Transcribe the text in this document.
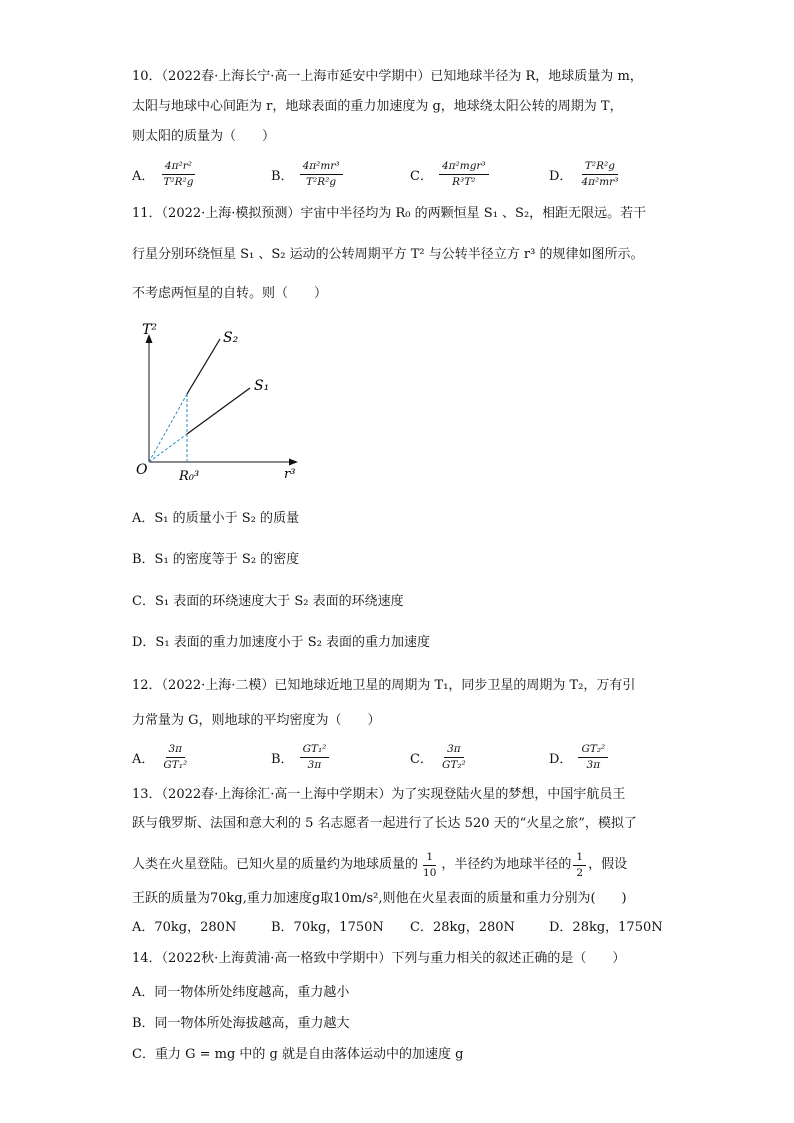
10．（2022春·上海长宁·高一上海市延安中学期中）已知地球半径为 R，地球质量为 m，
太阳与地球中心间距为 r，地球表面的重力加速度为 g，地球绕太阳公转的周期为 T，
则太阳的质量为（　　）
A． $\frac{\text{4π²r²}}{\text{T²R²g}}$	B． $\frac{\text{4π²mr³}}{\text{T²R²g}}$	C． $\frac{\text{4π²mgr³}}{\text{R³T²}}$	D． $\frac{\text{T²R²g}}{\text{4π²mr³}}$
11．（2022·上海·模拟预测）宇宙中半径均为 R₀ 的两颗恒星 S₁ 、S₂，相距无限远。若干
行星分别环绕恒星 S₁ 、S₂ 运动的公转周期平方 T² 与公转半径立方 r³ 的规律如图所示。
不考虑两恒星的自转。则（　　）
T²
r³
O R₀³
S₂
S₁
A．S₁ 的质量小于 S₂ 的质量
B．S₁ 的密度等于 S₂ 的密度
C．S₁ 表面的环绕速度大于 S₂ 表面的环绕速度
D．S₁ 表面的重力加速度小于 S₂ 表面的重力加速度
12．（2022·上海·二模）已知地球近地卫星的周期为 T₁，同步卫星的周期为 T₂，万有引
力常量为 G，则地球的平均密度为（　　）
A． $\frac{3\pi}{\text{GT₁²}}$	B． $\frac{\text{GT₁²}}{3\pi}$	C． $\frac{3\pi}{\text{GT₂²}}$	D． $\frac{\text{GT₂²}}{3\pi}$
13．（2022春·上海徐汇·高一上海中学期末）为了实现登陆火星的梦想，中国宇航员王
跃与俄罗斯、法国和意大利的 5 名志愿者一起进行了长达 520 天的“火星之旅”，模拟了
人类在火星登陆。已知火星的质量约为地球质量的 $\frac{1}{10}$ ，半径约为地球半径的 $\frac{1}{2}$ ，假设
王跃的质量为70kg,重力加速度g取10m/s²,则他在火星表面的质量和重力分别为(　　)
A．70kg，280N	B．70kg，1750N C．28kg，280N	D．28kg，1750N
14．（2022秋·上海黄浦·高一格致中学期中）下列与重力相关的叙述正确的是（　　）
A．同一物体所处纬度越高，重力越小
B．同一物体所处海拔越高，重力越大
C．重力 G = mg 中的 g 就是自由落体运动中的加速度 g
